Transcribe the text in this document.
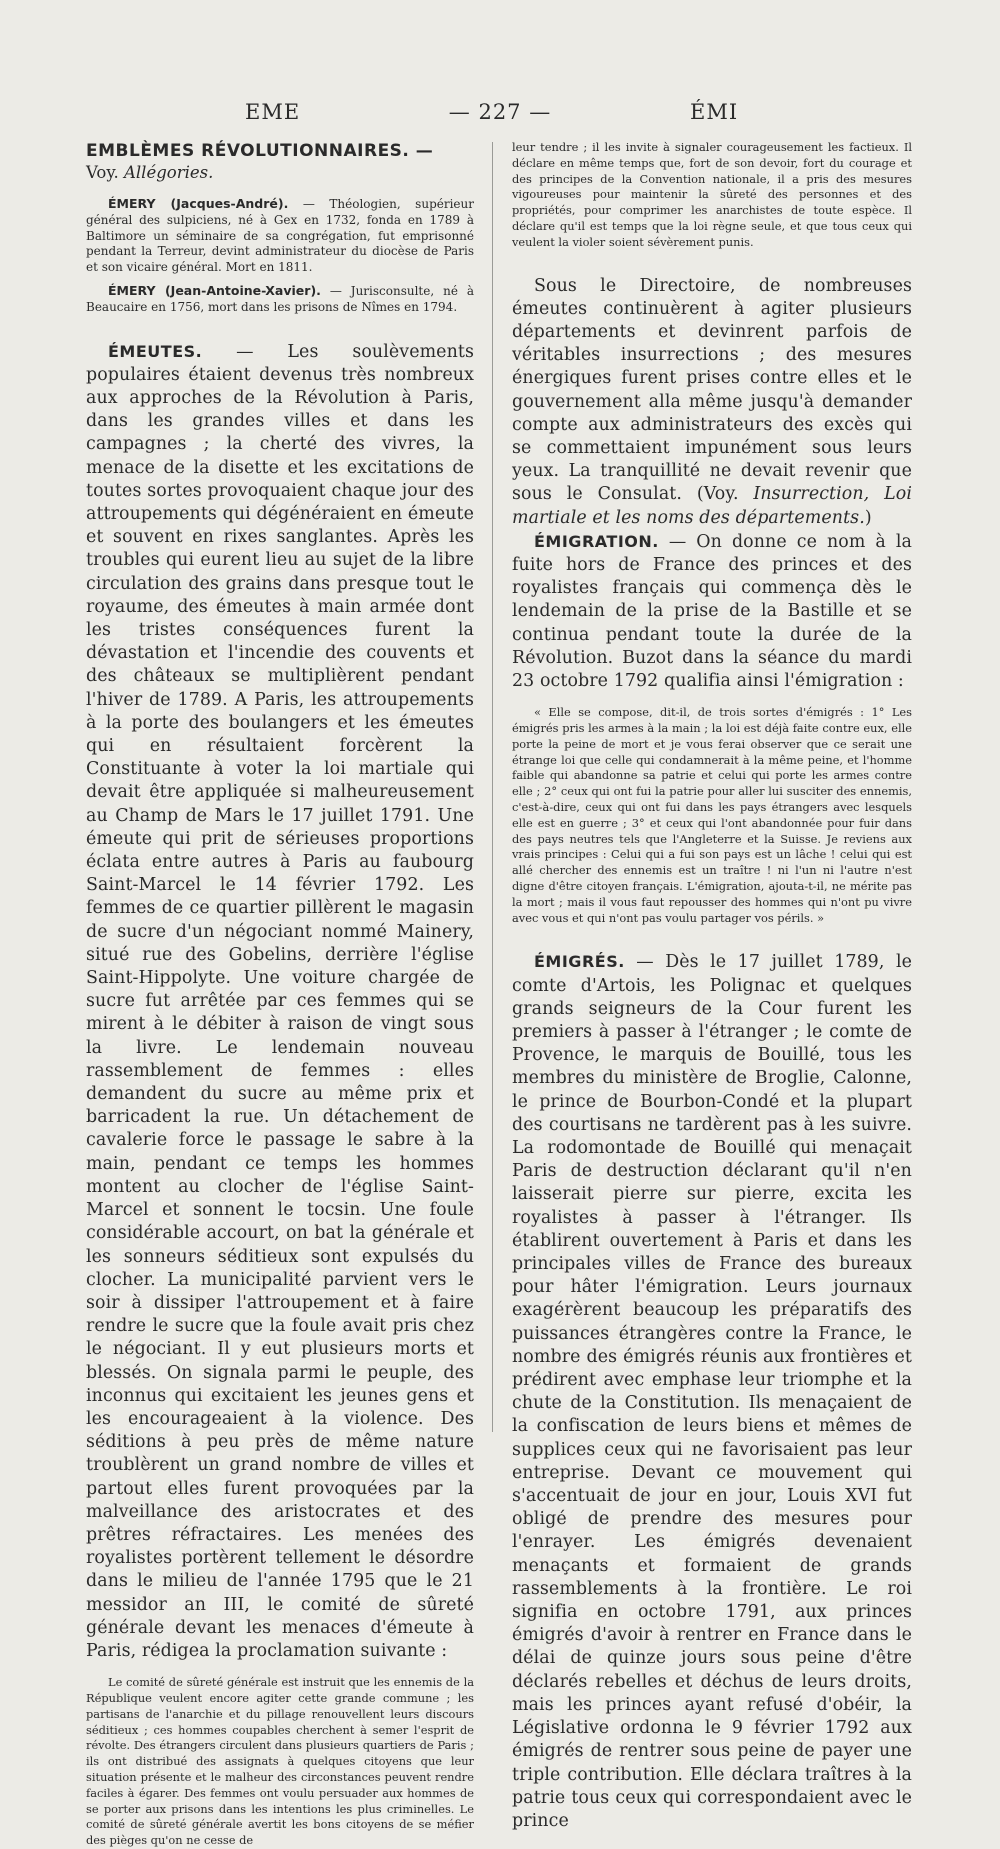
EME	— 227 —	ÉMI

EMBLÈMES RÉVOLUTIONNAIRES. —
Voy. Allégories.

ÉMERY (Jacques-André). — Théologien, supérieur général des sulpiciens, né à Gex en 1732, fonda en 1789 à Baltimore un séminaire de sa congrégation, fut emprisonné pendant la Terreur, devint administrateur du diocèse de Paris et son vicaire général. Mort en 1811.

ÉMERY (Jean-Antoine-Xavier). — Jurisconsulte, né à Beaucaire en 1756, mort dans les prisons de Nîmes en 1794.

ÉMEUTES. — Les soulèvements populaires étaient devenus très nombreux aux approches de la Révolution à Paris, dans les grandes villes et dans les campagnes ; la cherté des vivres, la menace de la disette et les excitations de toutes sortes provoquaient chaque jour des attroupements qui dégénéraient en émeute et souvent en rixes sanglantes. Après les troubles qui eurent lieu au sujet de la libre circulation des grains dans presque tout le royaume, des émeutes à main armée dont les tristes conséquences furent la dévastation et l'incendie des couvents et des châteaux se multiplièrent pendant l'hiver de 1789. A Paris, les attroupements à la porte des boulangers et les émeutes qui en résultaient forcèrent la Constituante à voter la loi martiale qui devait être appliquée si malheureusement au Champ de Mars le 17 juillet 1791. Une émeute qui prit de sérieuses proportions éclata entre autres à Paris au faubourg Saint-Marcel le 14 février 1792. Les femmes de ce quartier pillèrent le magasin de sucre d'un négociant nommé Mainery, situé rue des Gobelins, derrière l'église Saint-Hippolyte. Une voiture chargée de sucre fut arrêtée par ces femmes qui se mirent à le débiter à raison de vingt sous la livre. Le lendemain nouveau rassemblement de femmes : elles demandent du sucre au même prix et barricadent la rue. Un détachement de cavalerie force le passage le sabre à la main, pendant ce temps les hommes montent au clocher de l'église Saint-Marcel et sonnent le tocsin. Une foule considérable accourt, on bat la générale et les sonneurs séditieux sont expulsés du clocher. La municipalité parvient vers le soir à dissiper l'attroupement et à faire rendre le sucre que la foule avait pris chez le négociant. Il y eut plusieurs morts et blessés. On signala parmi le peuple, des inconnus qui excitaient les jeunes gens et les encourageaient à la violence. Des séditions à peu près de même nature troublèrent un grand nombre de villes et partout elles furent provoquées par la malveillance des aristocrates et des prêtres réfractaires. Les menées des royalistes portèrent tellement le désordre dans le milieu de l'année 1795 que le 21 messidor an III, le comité de sûreté générale devant les menaces d'émeute à Paris, rédigea la proclamation suivante :

Le comité de sûreté générale est instruit que les ennemis de la République veulent encore agiter cette grande commune ; les partisans de l'anarchie et du pillage renouvellent leurs discours séditieux ; ces hommes coupables cherchent à semer l'esprit de révolte. Des étrangers circulent dans plusieurs quartiers de Paris ; ils ont distribué des assignats à quelques citoyens que leur situation présente et le malheur des circonstances peuvent rendre faciles à égarer. Des femmes ont voulu persuader aux hommes de se porter aux prisons dans les intentions les plus criminelles. Le comité de sûreté générale avertit les bons citoyens de se méfier des pièges qu'on ne cesse de

leur tendre ; il les invite à signaler courageusement les factieux. Il déclare en même temps que, fort de son devoir, fort du courage et des principes de la Convention nationale, il a pris des mesures vigoureuses pour maintenir la sûreté des personnes et des propriétés, pour comprimer les anarchistes de toute espèce. Il déclare qu'il est temps que la loi règne seule, et que tous ceux qui veulent la violer soient sévèrement punis.

Sous le Directoire, de nombreuses émeutes continuèrent à agiter plusieurs départements et devinrent parfois de véritables insurrections ; des mesures énergiques furent prises contre elles et le gouvernement alla même jusqu'à demander compte aux administrateurs des excès qui se commettaient impunément sous leurs yeux. La tranquillité ne devait revenir que sous le Consulat. (Voy. Insurrection, Loi martiale et les noms des départements.)

ÉMIGRATION. — On donne ce nom à la fuite hors de France des princes et des royalistes français qui commença dès le lendemain de la prise de la Bastille et se continua pendant toute la durée de la Révolution. Buzot dans la séance du mardi 23 octobre 1792 qualifia ainsi l'émigration :

« Elle se compose, dit-il, de trois sortes d'émigrés : 1° Les émigrés pris les armes à la main ; la loi est déjà faite contre eux, elle porte la peine de mort et je vous ferai observer que ce serait une étrange loi que celle qui condamnerait à la même peine, et l'homme faible qui abandonne sa patrie et celui qui porte les armes contre elle ; 2° ceux qui ont fui la patrie pour aller lui susciter des ennemis, c'est-à-dire, ceux qui ont fui dans les pays étrangers avec lesquels elle est en guerre ; 3° et ceux qui l'ont abandonnée pour fuir dans des pays neutres tels que l'Angleterre et la Suisse. Je reviens aux vrais principes : Celui qui a fui son pays est un lâche ! celui qui est allé chercher des ennemis est un traître ! ni l'un ni l'autre n'est digne d'être citoyen français. L'émigration, ajouta-t-il, ne mérite pas la mort ; mais il vous faut repousser des hommes qui n'ont pu vivre avec vous et qui n'ont pas voulu partager vos périls. »

ÉMIGRÉS. — Dès le 17 juillet 1789, le comte d'Artois, les Polignac et quelques grands seigneurs de la Cour furent les premiers à passer à l'étranger ; le comte de Provence, le marquis de Bouillé, tous les membres du ministère de Broglie, Calonne, le prince de Bourbon-Condé et la plupart des courtisans ne tardèrent pas à les suivre. La rodomontade de Bouillé qui menaçait Paris de destruction déclarant qu'il n'en laisserait pierre sur pierre, excita les royalistes à passer à l'étranger. Ils établirent ouvertement à Paris et dans les principales villes de France des bureaux pour hâter l'émigration. Leurs journaux exagérèrent beaucoup les préparatifs des puissances étrangères contre la France, le nombre des émigrés réunis aux frontières et prédirent avec emphase leur triomphe et la chute de la Constitution. Ils menaçaient de la confiscation de leurs biens et mêmes de supplices ceux qui ne favorisaient pas leur entreprise. Devant ce mouvement qui s'accentuait de jour en jour, Louis XVI fut obligé de prendre des mesures pour l'enrayer. Les émigrés devenaient menaçants et formaient de grands rassemblements à la frontière. Le roi signifia en octobre 1791, aux princes émigrés d'avoir à rentrer en France dans le délai de quinze jours sous peine d'être déclarés rebelles et déchus de leurs droits, mais les princes ayant refusé d'obéir, la Législative ordonna le 9 février 1792 aux émigrés de rentrer sous peine de payer une triple contribution. Elle déclara traîtres à la patrie tous ceux qui correspondaient avec le prince
